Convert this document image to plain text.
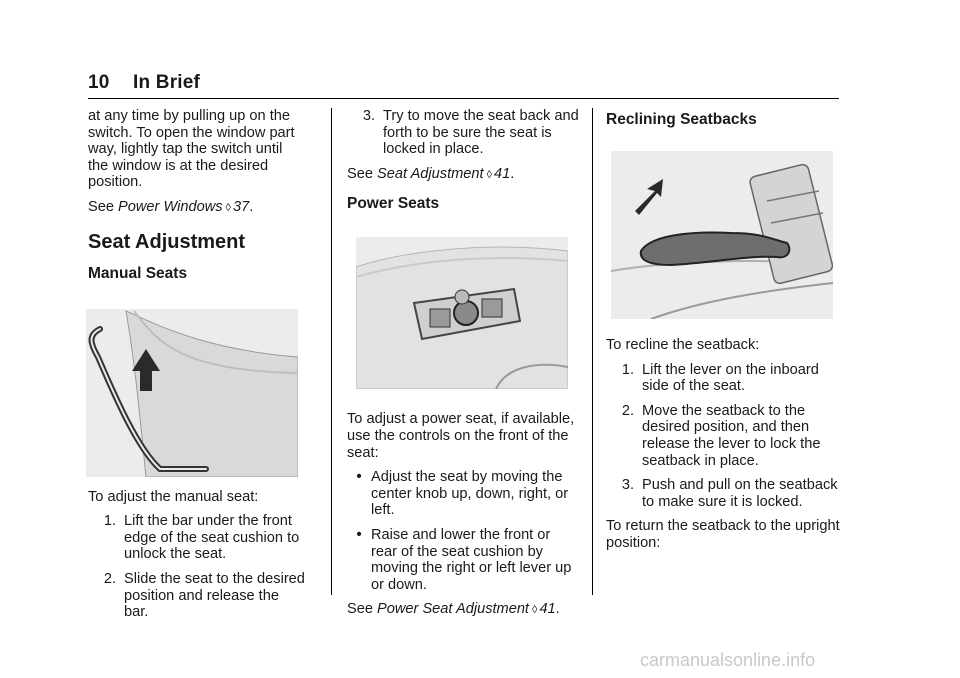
10 In Brief

at any time by pulling up on the switch. To open the window part way, lightly tap the switch until the window is at the desired position.

See Power Windows ◊ 37.

Seat Adjustment
Manual Seats

To adjust the manual seat:

1. Lift the bar under the front edge of the seat cushion to unlock the seat.
2. Slide the seat to the desired position and release the bar.
3. Try to move the seat back and forth to be sure the seat is locked in place.

See Seat Adjustment ◊ 41.

Power Seats

To adjust a power seat, if available, use the controls on the front of the seat:

• Adjust the seat by moving the center knob up, down, right, or left.
• Raise and lower the front or rear of the seat cushion by moving the right or left lever up or down.

See Power Seat Adjustment ◊ 41.

Reclining Seatbacks

To recline the seatback:

1. Lift the lever on the inboard side of the seat.
2. Move the seatback to the desired position, and then release the lever to lock the seatback in place.
3. Push and pull on the seatback to make sure it is locked.

To return the seatback to the upright position:

carmanualsonline.info
